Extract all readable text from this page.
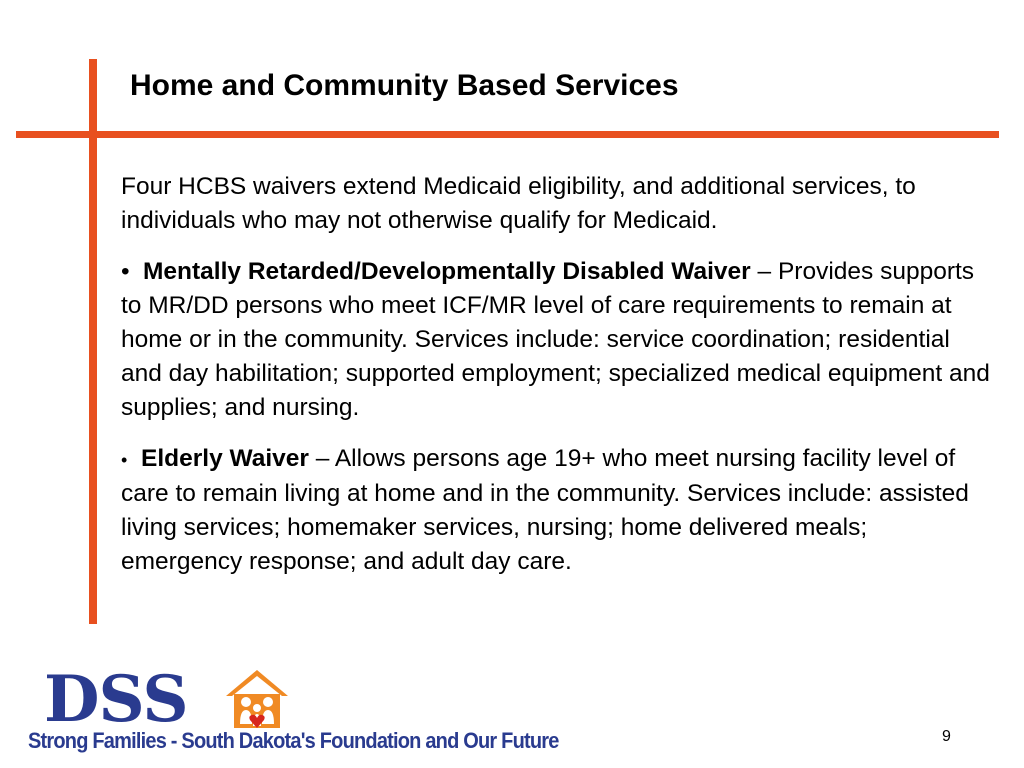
Home and Community Based Services

Four HCBS waivers extend Medicaid eligibility, and additional services, to individuals who may not otherwise qualify for Medicaid.

• Mentally Retarded/Developmentally Disabled Waiver – Provides supports to MR/DD persons who meet ICF/MR level of care requirements to remain at home or in the community. Services include: service coordination; residential and day habilitation; supported employment; specialized medical equipment and supplies; and nursing.

• Elderly Waiver – Allows persons age 19+ who meet nursing facility level of care to remain living at home and in the community. Services include: assisted living services; homemaker services, nursing; home delivered meals; emergency response; and adult day care.

DSS

Strong Families - South Dakota's Foundation and Our Future	9
